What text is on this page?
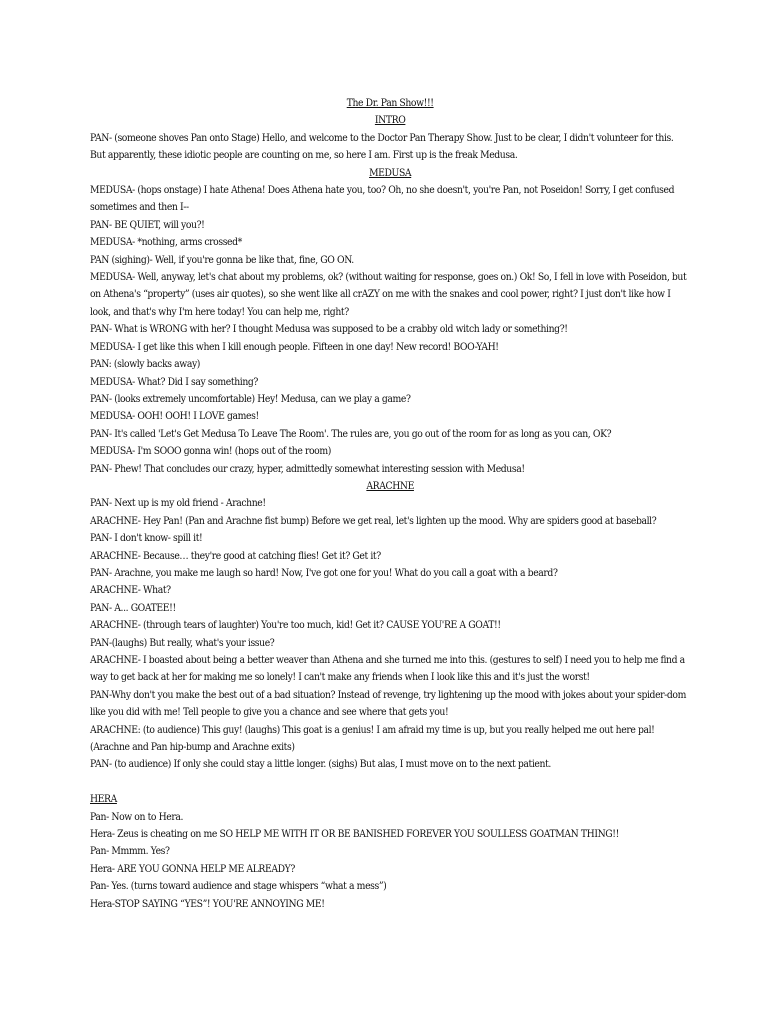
The Dr. Pan Show!!!
INTRO
PAN- (someone shoves Pan onto Stage) Hello, and welcome to the Doctor Pan Therapy Show. Just to be clear, I didn't volunteer for this. But apparently, these idiotic people are counting on me, so here I am. First up is the freak Medusa.
MEDUSA
MEDUSA- (hops onstage) I hate Athena! Does Athena hate you, too? Oh, no she doesn't, you're Pan, not Poseidon! Sorry, I get confused sometimes and then I--
PAN- BE QUIET, will you?!
MEDUSA- *nothing, arms crossed*
PAN (sighing)- Well, if you're gonna be like that, fine, GO ON.
MEDUSA- Well, anyway, let's chat about my problems, ok? (without waiting for response, goes on.) Ok! So, I fell in love with Poseidon, but on Athena's “property” (uses air quotes), so she went like all crAZY on me with the snakes and cool power, right? I just don't like how I look, and that's why I'm here today! You can help me, right?
PAN- What is WRONG with her? I thought Medusa was supposed to be a crabby old witch lady or something?!
MEDUSA- I get like this when I kill enough people. Fifteen in one day! New record! BOO-YAH!
PAN: (slowly backs away)
MEDUSA- What? Did I say something?
PAN- (looks extremely uncomfortable) Hey! Medusa, can we play a game?
MEDUSA- OOH! OOH! I LOVE games!
PAN- It's called 'Let's Get Medusa To Leave The Room'. The rules are, you go out of the room for as long as you can, OK?
MEDUSA- I'm SOOO gonna win! (hops out of the room)
PAN- Phew! That concludes our crazy, hyper, admittedly somewhat interesting session with Medusa!
ARACHNE
PAN- Next up is my old friend - Arachne!
ARACHNE- Hey Pan! (Pan and Arachne fist bump) Before we get real, let's lighten up the mood. Why are spiders good at baseball?
PAN- I don't know- spill it!
ARACHNE- Because… they're good at catching flies! Get it? Get it?
PAN- Arachne, you make me laugh so hard! Now, I've got one for you! What do you call a goat with a beard?
ARACHNE- What?
PAN- A... GOATEE!!
ARACHNE- (through tears of laughter) You're too much, kid! Get it? CAUSE YOU'RE A GOAT!!
PAN-(laughs) But really, what's your issue?
ARACHNE- I boasted about being a better weaver than Athena and she turned me into this. (gestures to self) I need you to help me find a way to get back at her for making me so lonely! I can't make any friends when I look like this and it's just the worst!
PAN-Why don't you make the best out of a bad situation? Instead of revenge, try lightening up the mood with jokes about your spider-dom like you did with me! Tell people to give you a chance and see where that gets you!
ARACHNE: (to audience) This guy! (laughs) This goat is a genius! I am afraid my time is up, but you really helped me out here pal! (Arachne and Pan hip-bump and Arachne exits)
PAN- (to audience) If only she could stay a little longer. (sighs) But alas, I must move on to the next patient.
HERA
Pan- Now on to Hera.
Hera- Zeus is cheating on me SO HELP ME WITH IT OR BE BANISHED FOREVER YOU SOULLESS GOATMAN THING!!
Pan- Mmmm. Yes?
Hera- ARE YOU GONNA HELP ME ALREADY?
Pan- Yes. (turns toward audience and stage whispers “what a mess”)
Hera-STOP SAYING “YES”! YOU'RE ANNOYING ME!
